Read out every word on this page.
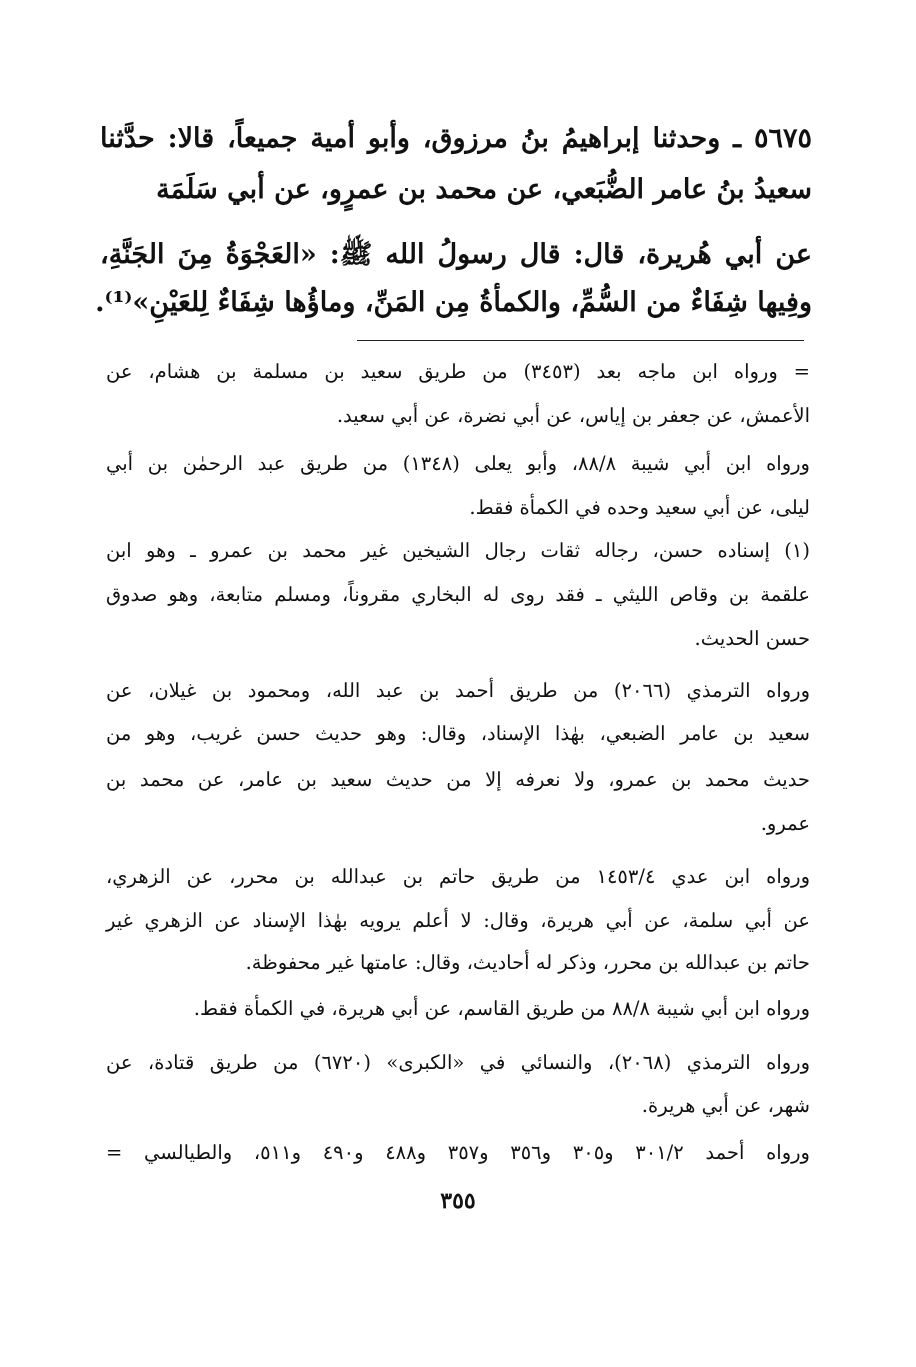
٥٦٧٥ ـ وحدثنا إبراهيمُ بنُ مرزوق، وأبو أمية جميعاً، قالا: حدَّثنا

سعيدُ بنُ عامر الضُّبَعي، عن محمد بن عمرٍو، عن أبي سَلَمَة

عن أبي هُريرة، قال: قال رسولُ الله ﷺ: «العَجْوَةُ مِنَ الجَنَّةِ،

وفِيها شِفَاءٌ من السُّمِّ، والكمأةُ مِن المَنِّ، وماؤُها شِفَاءٌ لِلعَيْنِ»⁽¹⁾.

= ورواه ابن ماجه بعد (٣٤٥٣) من طريق سعيد بن مسلمة بن هشام، عن

الأعمش، عن جعفر بن إياس، عن أبي نضرة، عن أبي سعيد.

ورواه ابن أبي شيبة ٨٨/٨، وأبو يعلى (١٣٤٨) من طريق عبد الرحمٰن بن أبي

ليلى، عن أبي سعيد وحده في الكمأة فقط.

(١) إسناده حسن، رجاله ثقات رجال الشيخين غير محمد بن عمرو ـ وهو ابن

علقمة بن وقاص الليثي ـ فقد روى له البخاري مقروناً، ومسلم متابعة، وهو صدوق

حسن الحديث.

ورواه الترمذي (٢٠٦٦) من طريق أحمد بن عبد الله، ومحمود بن غيلان، عن

سعيد بن عامر الضبعي، بهٰذا الإسناد، وقال: وهو حديث حسن غريب، وهو من

حديث محمد بن عمرو، ولا نعرفه إلا من حديث سعيد بن عامر، عن محمد بن

عمرو.

ورواه ابن عدي ١٤٥٣/٤ من طريق حاتم بن عبدالله بن محرر، عن الزهري،

عن أبي سلمة، عن أبي هريرة، وقال: لا أعلم يرويه بهٰذا الإسناد عن الزهري غير

حاتم بن عبدالله بن محرر، وذكر له أحاديث، وقال: عامتها غير محفوظة.

ورواه ابن أبي شيبة ٨٨/٨ من طريق القاسم، عن أبي هريرة، في الكمأة فقط.

ورواه الترمذي (٢٠٦٨)، والنسائي في «الكبرى» (٦٧٢٠) من طريق قتادة، عن

شهر، عن أبي هريرة.

ورواه أحمد ٣٠١/٢ و٣٠٥ و٣٥٦ و٣٥٧ و٤٨٨ و٤٩٠ و٥١١، والطيالسي =

٣٥٥
